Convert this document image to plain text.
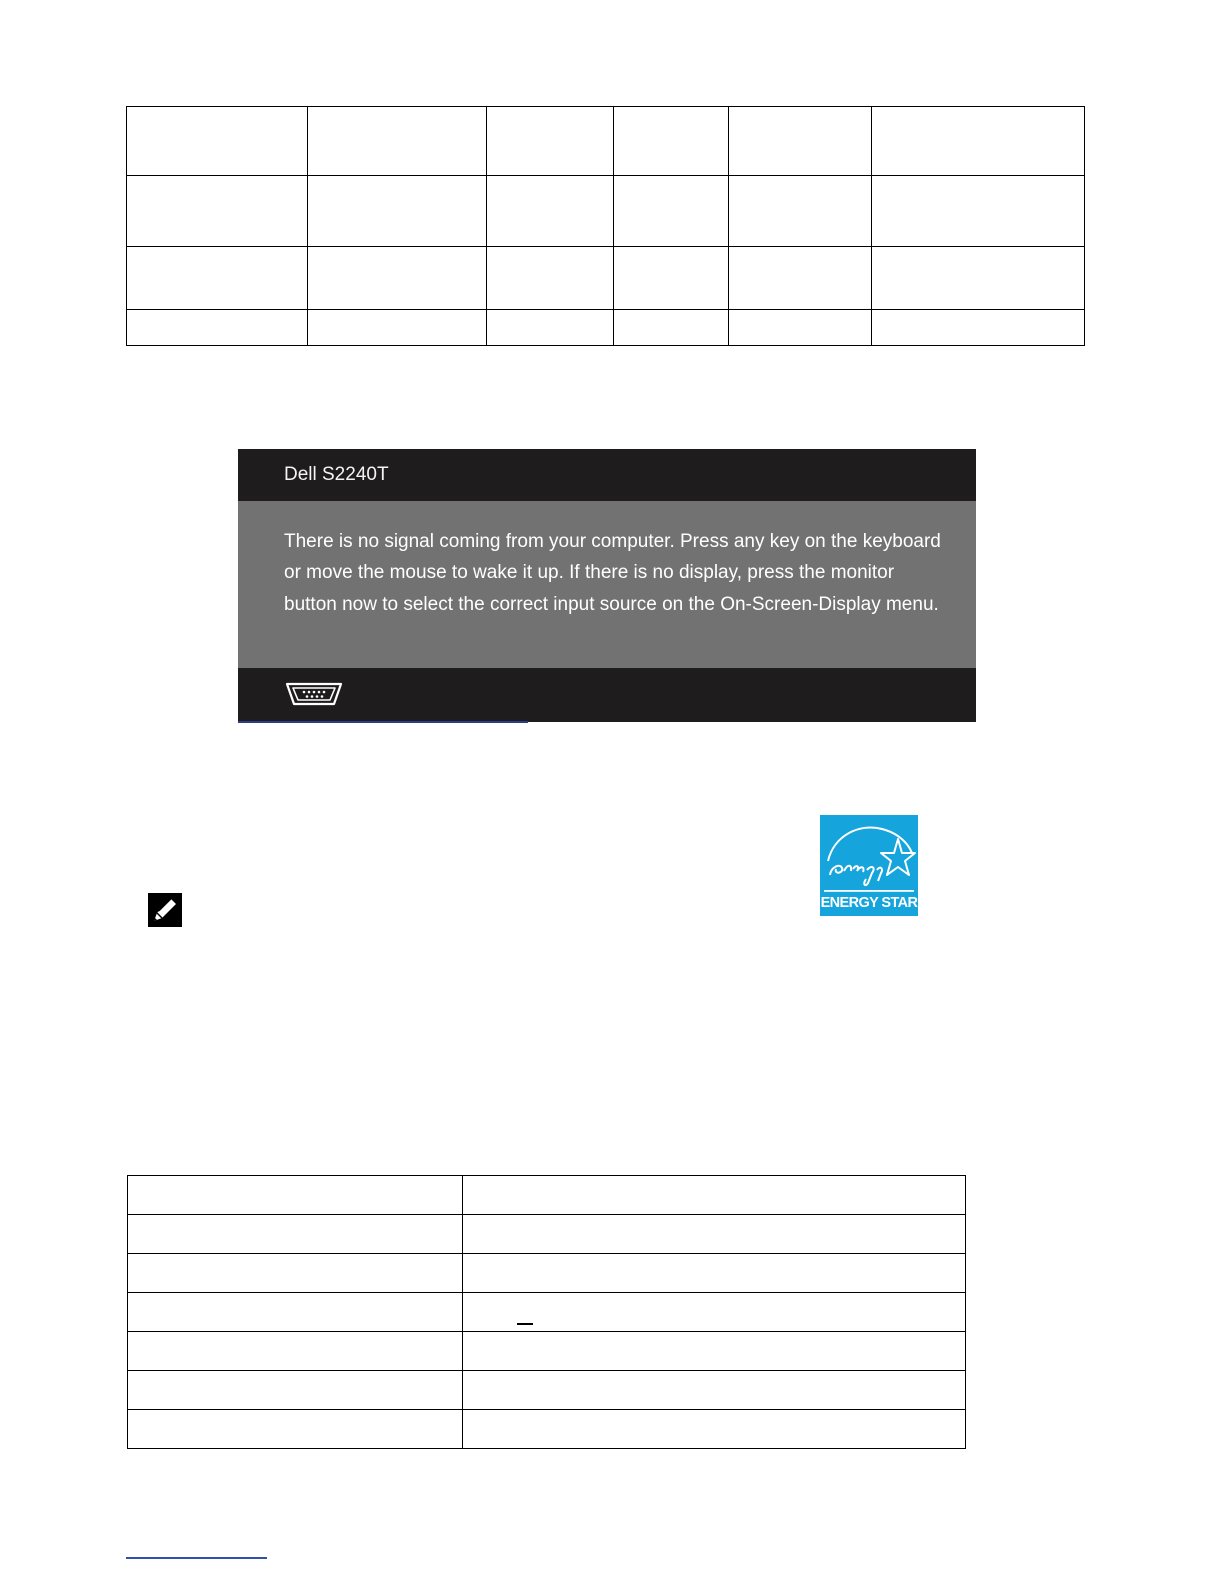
Dell S2240T
There is no signal coming from your computer. Press any key on the keyboard or move the mouse to wake it up. If there is no display, press the monitor button now to select the correct input source on the On-Screen-Display menu.
ENERGY STAR
